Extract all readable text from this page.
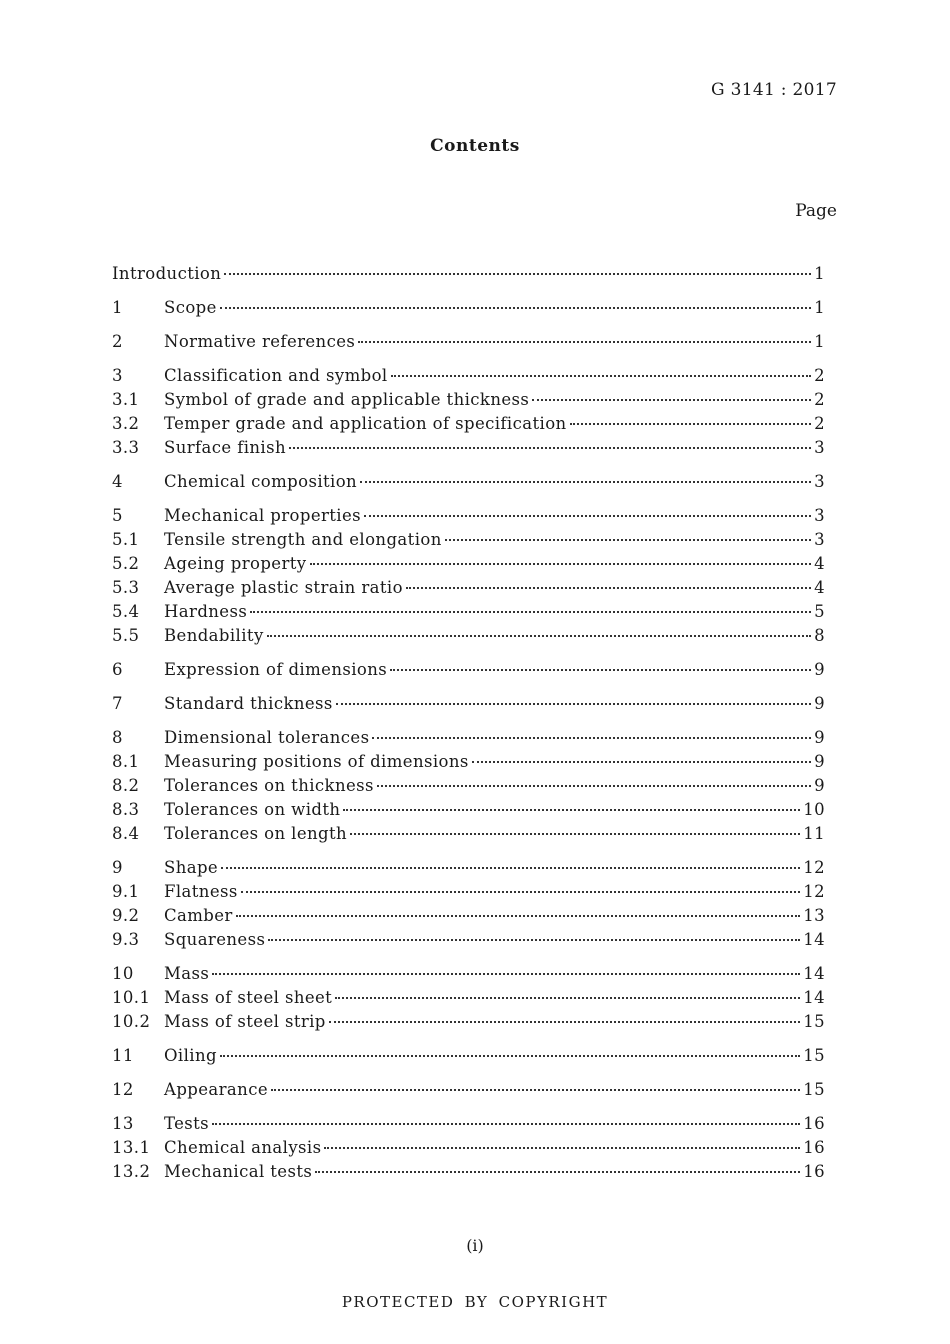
G 3141 : 2017
Contents
Page
Introduction	1
1	Scope	1
2	Normative references	1
3	Classification and symbol	2
3.1	Symbol of grade and applicable thickness	2
3.2	Temper grade and application of specification	2
3.3	Surface finish	3
4	Chemical composition	3
5	Mechanical properties	3
5.1	Tensile strength and elongation	3
5.2	Ageing property	4
5.3	Average plastic strain ratio	4
5.4	Hardness	5
5.5	Bendability	8
6	Expression of dimensions	9
7	Standard thickness	9
8	Dimensional tolerances	9
8.1	Measuring positions of dimensions	9
8.2	Tolerances on thickness	9
8.3	Tolerances on width	10
8.4	Tolerances on length	11
9	Shape	12
9.1	Flatness	12
9.2	Camber	13
9.3	Squareness	14
10	Mass	14
10.1 Mass of steel sheet	14
10.2 Mass of steel strip	15
11	Oiling	15
12	Appearance	15
13	Tests	16
13.1 Chemical analysis	16
13.2 Mechanical tests	16
(i)
PROTECTED BY COPYRIGHT
